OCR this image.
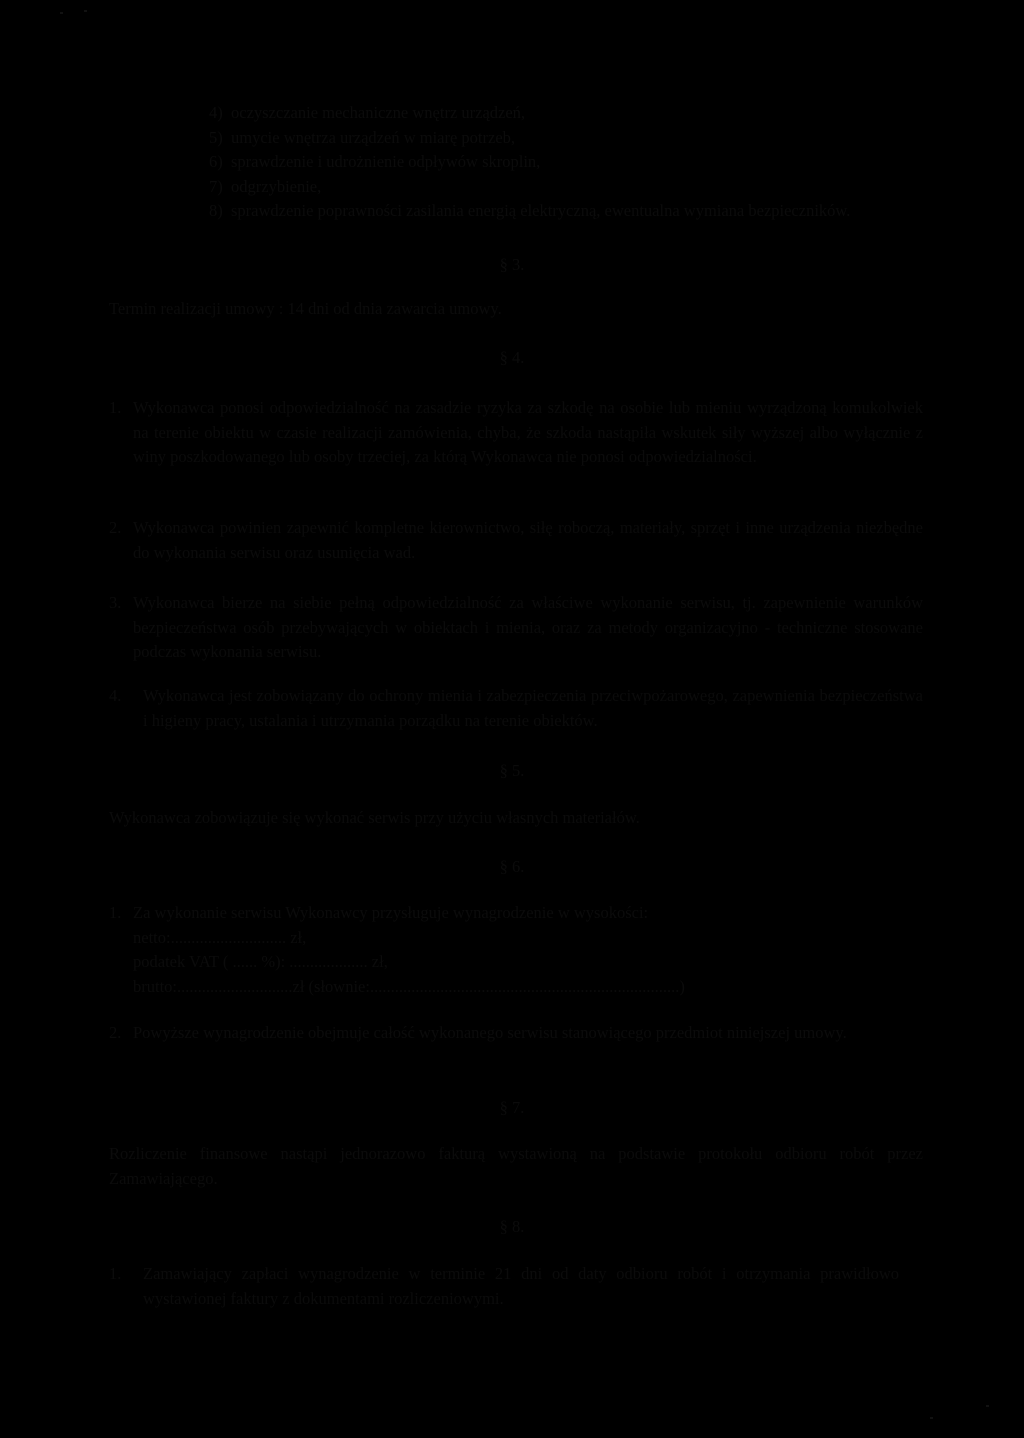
4) oczyszczanie mechaniczne wnętrz urządzeń,
5) umycie wnętrza urządzeń w miarę potrzeb,
6) sprawdzenie i udrożnienie odpływów skroplin,
7) odgrzybienie,
8) sprawdzenie poprawności zasilania energią elektryczną, ewentualna wymiana bezpieczników.
§ 3.
Termin realizacji umowy : 14 dni od dnia zawarcia umowy.
§ 4.
1. Wykonawca ponosi odpowiedzialność na zasadzie ryzyka za szkodę na osobie lub mieniu wyrządzoną komukolwiek na terenie obiektu w czasie realizacji zamówienia, chyba, że szkoda nastąpiła wskutek siły wyższej albo wyłącznie z winy poszkodowanego lub osoby trzeciej, za którą Wykonawca nie ponosi odpowiedzialności.
2. Wykonawca powinien zapewnić kompletne kierownictwo, siłę roboczą, materiały, sprzęt i inne urządzenia niezbędne do wykonania serwisu oraz usunięcia wad.
3. Wykonawca bierze na siebie pełną odpowiedzialność za właściwe wykonanie serwisu, tj. zapewnienie warunków bezpieczeństwa osób przebywających w obiektach i mienia, oraz za metody organizacyjno - techniczne stosowane podczas wykonania serwisu.
4.	Wykonawca jest zobowiązany do ochrony mienia i zabezpieczenia przeciwpożarowego, zapewnienia bezpieczeństwa i higieny pracy, ustalania i utrzymania porządku na terenie obiektów.
§ 5.
Wykonawca zobowiązuje się wykonać serwis przy użyciu własnych materiałów.
§ 6.
1. Za wykonanie serwisu Wykonawcy przysługuje wynagrodzenie w wysokości:
netto:............................ zł,
podatek VAT ( ...... %): ................... zł,
brutto:............................zł (słownie:...........................................................................)
2. Powyższe wynagrodzenie obejmuje całość wykonanego serwisu stanowiącego przedmiot niniejszej umowy.
§ 7.
Rozliczenie finansowe nastąpi jednorazowo fakturą wystawioną na podstawie protokołu odbioru robót przez Zamawiającego.
§ 8.
1.	Zamawiający zapłaci wynagrodzenie w terminie 21 dni od daty odbioru robót i otrzymania prawidłowo wystawionej faktury z dokumentami rozliczeniowymi.
